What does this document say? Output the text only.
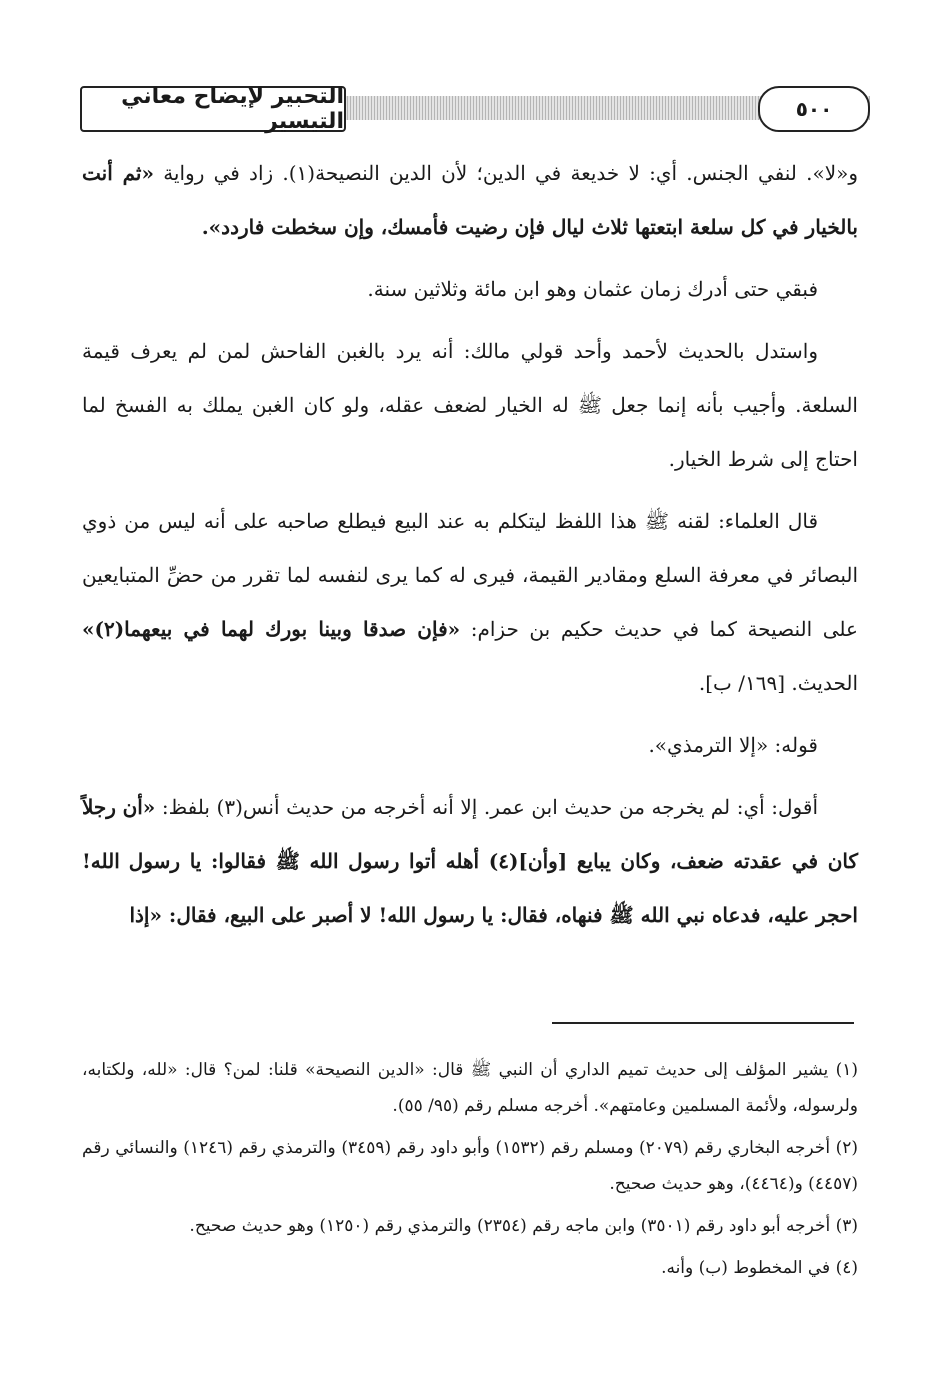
التحبير لإيضاح معاني التيسير	٥٠٠

و«لا». لنفي الجنس. أي: لا خديعة في الدين؛ لأن الدين النصيحة(١). زاد في رواية «ثم أنت بالخيار في كل سلعة ابتعتها ثلاث ليال فإن رضيت فأمسك، وإن سخطت فاردد».

فبقي حتى أدرك زمان عثمان وهو ابن مائة وثلاثين سنة.

واستدل بالحديث لأحمد وأحد قولي مالك: أنه يرد بالغبن الفاحش لمن لم يعرف قيمة السلعة. وأجيب بأنه إنما جعل ﷺ له الخيار لضعف عقله، ولو كان الغبن يملك به الفسخ لما احتاج إلى شرط الخيار.

قال العلماء: لقنه ﷺ هذا اللفظ ليتكلم به عند البيع فيطلع صاحبه على أنه ليس من ذوي البصائر في معرفة السلع ومقادير القيمة، فيرى له كما يرى لنفسه لما تقرر من حضِّ المتبايعين على النصيحة كما في حديث حكيم بن حزام: «فإن صدقا وبينا بورك لهما في بيعهما(٢)» الحديث. [١٦٩/ ب].

قوله: «إلا الترمذي».

أقول: أي: لم يخرجه من حديث ابن عمر. إلا أنه أخرجه من حديث أنس(٣) بلفظ: «أن رجلاً كان في عقدته ضعف، وكان يبايع [وأن](٤) أهله أتوا رسول الله ﷺ فقالوا: يا رسول الله! احجر عليه، فدعاه نبي الله ﷺ فنهاه، فقال: يا رسول الله! لا أصبر على البيع، فقال: «إذا

(١) يشير المؤلف إلى حديث تميم الداري أن النبي ﷺ قال: «الدين النصيحة» قلنا: لمن؟ قال: «لله، ولكتابه، ولرسوله، ولأئمة المسلمين وعامتهم». أخرجه مسلم رقم (٩٥/ ٥٥).

(٢) أخرجه البخاري رقم (٢٠٧٩) ومسلم رقم (١٥٣٢) وأبو داود رقم (٣٤٥٩) والترمذي رقم (١٢٤٦) والنسائي رقم (٤٤٥٧) و(٤٤٦٤)، وهو حديث صحيح.

(٣) أخرجه أبو داود رقم (٣٥٠١) وابن ماجه رقم (٢٣٥٤) والترمذي رقم (١٢٥٠) وهو حديث صحيح.

(٤) في المخطوط (ب) وأنه.
